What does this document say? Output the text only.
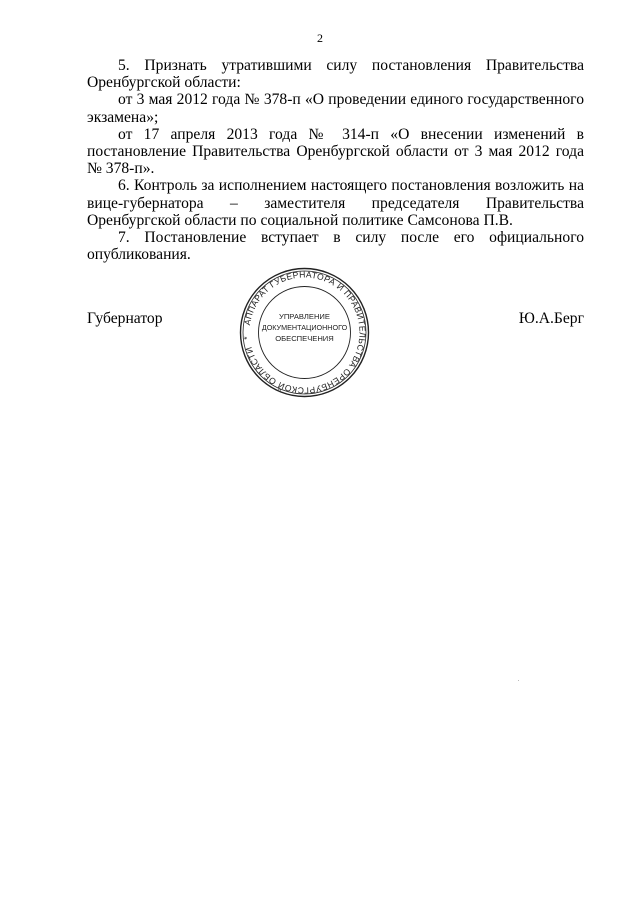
2

5. Признать утратившими силу постановления Правительства Оренбургской области:

от 3 мая 2012 года № 378-п «О проведении единого государственного экзамена»;

от 17 апреля 2013 года № 314-п «О внесении изменений в постановление Правительства Оренбургской области от 3 мая 2012 года № 378-п».

6. Контроль за исполнением настоящего постановления возложить на вице-губернатора – заместителя председателя Правительства Оренбургской области по социальной политике Самсонова П.В.

7. Постановление вступает в силу после его официального опубликования.

Губернатор	Ю.А.Берг
АППАРАТ ГУБЕРНАТОРА И ПРАВИТЕЛЬСТВА ОРЕНБУРГСКОЙ ОБЛАСТИ *
УПРАВЛЕНИЕ
ДОКУМЕНТАЦИОННОГО
ОБЕСПЕЧЕНИЯ
